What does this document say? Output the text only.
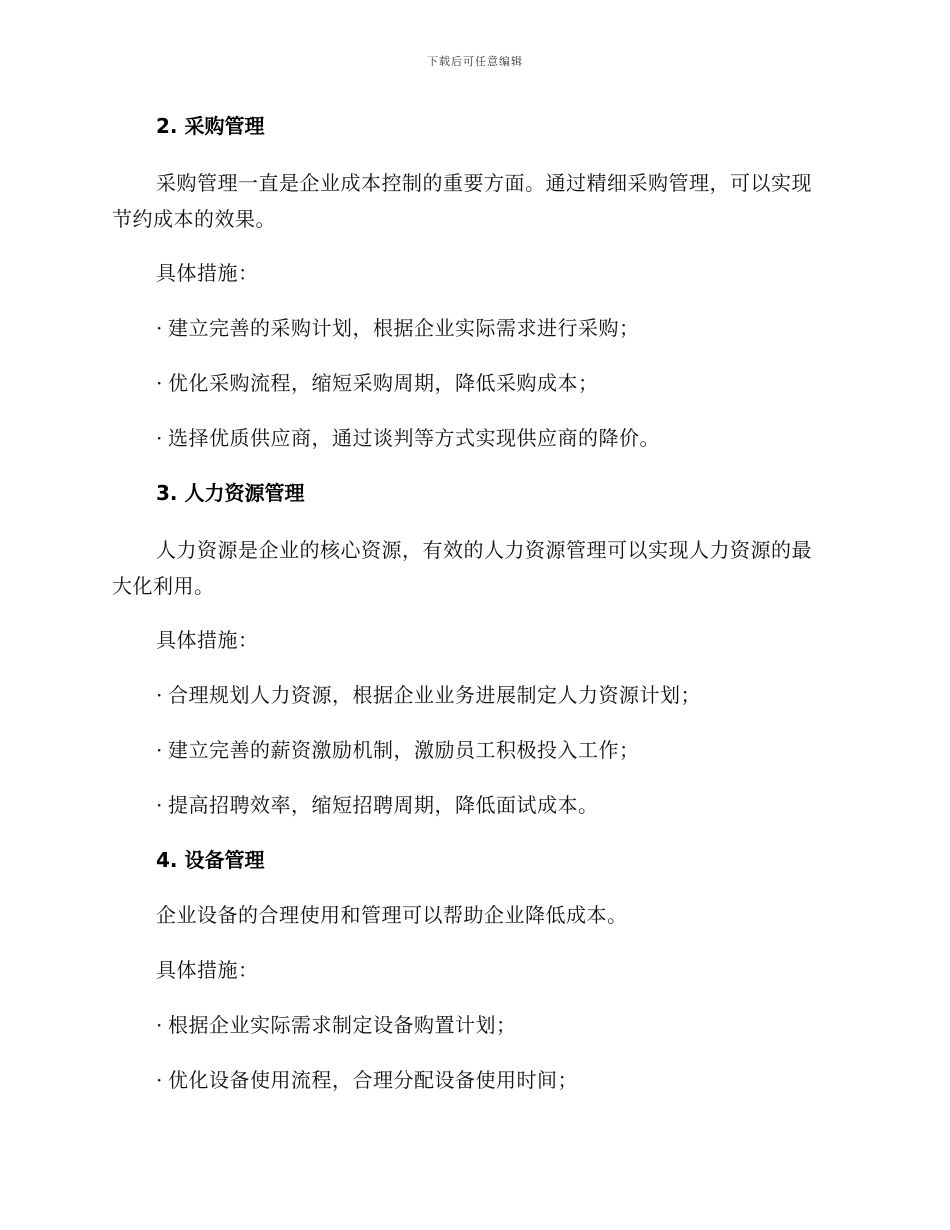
下载后可任意编辑
2. 采购管理

采购管理一直是企业成本控制的重要方面。通过精细采购管理，可以实现节约成本的效果。

具体措施：
· 建立完善的采购计划，根据企业实际需求进行采购；
· 优化采购流程，缩短采购周期，降低采购成本；
· 选择优质供应商，通过谈判等方式实现供应商的降价。
3. 人力资源管理

人力资源是企业的核心资源，有效的人力资源管理可以实现人力资源的最大化利用。

具体措施：
· 合理规划人力资源，根据企业业务进展制定人力资源计划；
· 建立完善的薪资激励机制，激励员工积极投入工作；
· 提高招聘效率，缩短招聘周期，降低面试成本。
4. 设备管理
企业设备的合理使用和管理可以帮助企业降低成本。
具体措施：
· 根据企业实际需求制定设备购置计划；
· 优化设备使用流程，合理分配设备使用时间；
